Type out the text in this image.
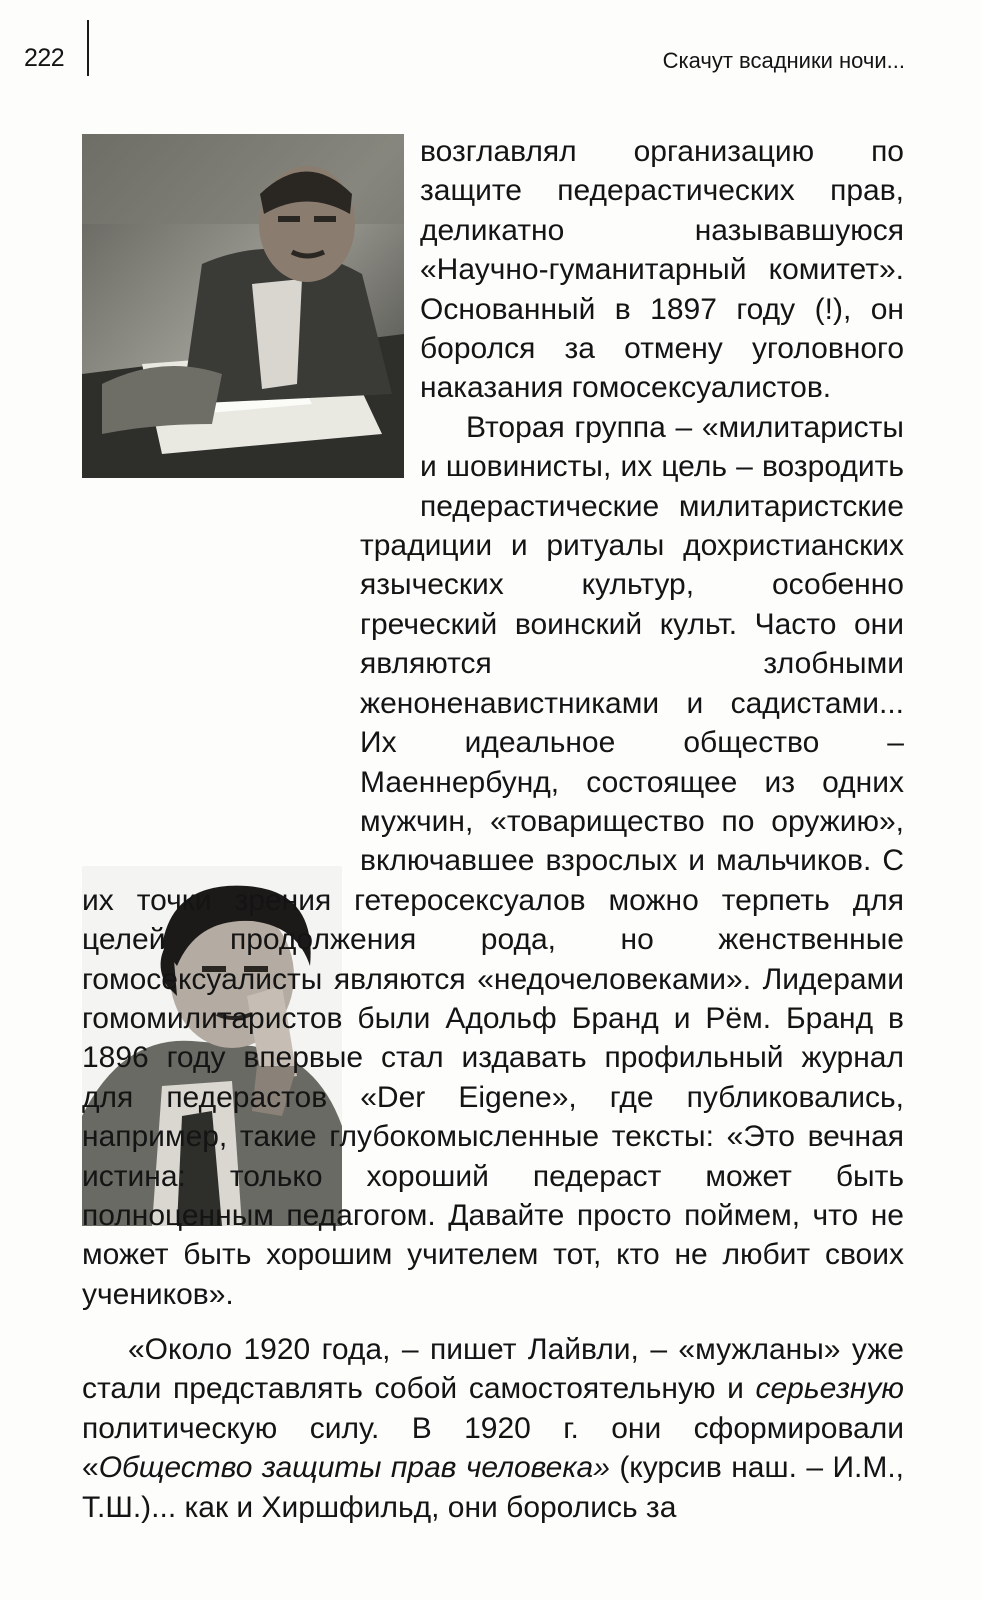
222	Скачут всадники ночи...

возглавлял организацию по защите педерастических прав, деликатно называвшуюся «Научно-гуманитарный комитет». Основанный в 1897 году (!), он боролся за отмену уголовного наказания гомосексуалистов.

Вторая группа – «милитаристы и шовинисты, их цель – возродить педерастические милитаристские традиции и ритуалы дохристианских языческих культур, особенно греческий воинский культ. Часто они являются злобными женоненавистниками и садистами... Их идеальное общество – Маеннербунд, состоящее из одних мужчин, «товарищество по оружию», включавшее взрослых и мальчиков. С их точки зрения гетеросексуалов можно терпеть для целей продолжения рода, но женственные гомосексуалисты являются «недочеловеками». Лидерами гомомилитаристов были Адольф Бранд и Рём. Бранд в 1896 году впервые стал издавать профильный журнал для педерастов «Der Eigene», где публиковались, например, такие глубокомысленные тексты: «Это вечная истина: только хороший педераст может быть полноценным педагогом. Давайте просто поймем, что не может быть хорошим учителем тот, кто не любит своих учеников».

«Около 1920 года, – пишет Лайвли, – «мужланы» уже стали представлять собой самостоятельную и серьезную политическую силу. В 1920 г. они сформировали «Общество защиты прав человека» (курсив наш. – И.М., Т.Ш.)... как и Хиршфильд, они боролись за
